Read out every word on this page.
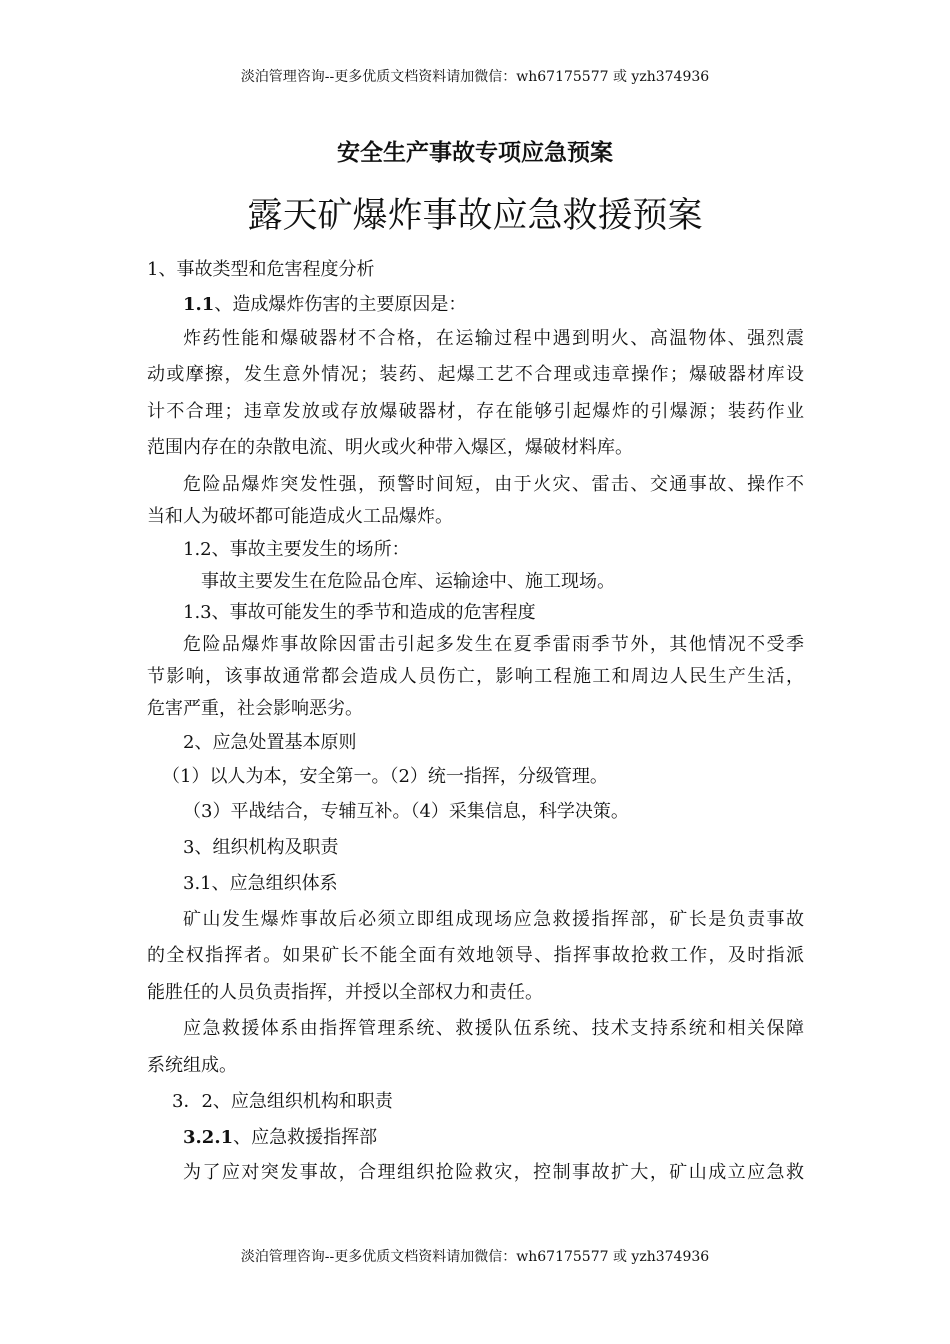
淡泊管理咨询--更多优质文档资料请加微信：wh67175577 或 yzh374936
安全生产事故专项应急预案
露天矿爆炸事故应急救援预案
1、事故类型和危害程度分析
1.1、造成爆炸伤害的主要原因是：
炸药性能和爆破器材不合格，在运输过程中遇到明火、高温物体、强烈震
动或摩擦，发生意外情况；装药、起爆工艺不合理或违章操作；爆破器材库设
计不合理；违章发放或存放爆破器材，存在能够引起爆炸的引爆源；装药作业
范围内存在的杂散电流、明火或火种带入爆区，爆破材料库。
危险品爆炸突发性强，预警时间短，由于火灾、雷击、交通事故、操作不
当和人为破坏都可能造成火工品爆炸。
1.2、事故主要发生的场所：
事故主要发生在危险品仓库、运输途中、施工现场。
1.3、事故可能发生的季节和造成的危害程度
危险品爆炸事故除因雷击引起多发生在夏季雷雨季节外，其他情况不受季
节影响，该事故通常都会造成人员伤亡，影响工程施工和周边人民生产生活，
危害严重，社会影响恶劣。
2、应急处置基本原则
（1）以人为本，安全第一。（2）统一指挥，分级管理。
（3）平战结合，专辅互补。（4）采集信息，科学决策。
3、组织机构及职责
3.1、应急组织体系
矿山发生爆炸事故后必须立即组成现场应急救援指挥部，矿长是负责事故
的全权指挥者。如果矿长不能全面有效地领导、指挥事故抢救工作，及时指派
能胜任的人员负责指挥，并授以全部权力和责任。
应急救援体系由指挥管理系统、救援队伍系统、技术支持系统和相关保障
系统组成。
3．2、应急组织机构和职责
3.2.1、应急救援指挥部
为了应对突发事故，合理组织抢险救灾，控制事故扩大，矿山成立应急救
淡泊管理咨询--更多优质文档资料请加微信：wh67175577 或 yzh374936
